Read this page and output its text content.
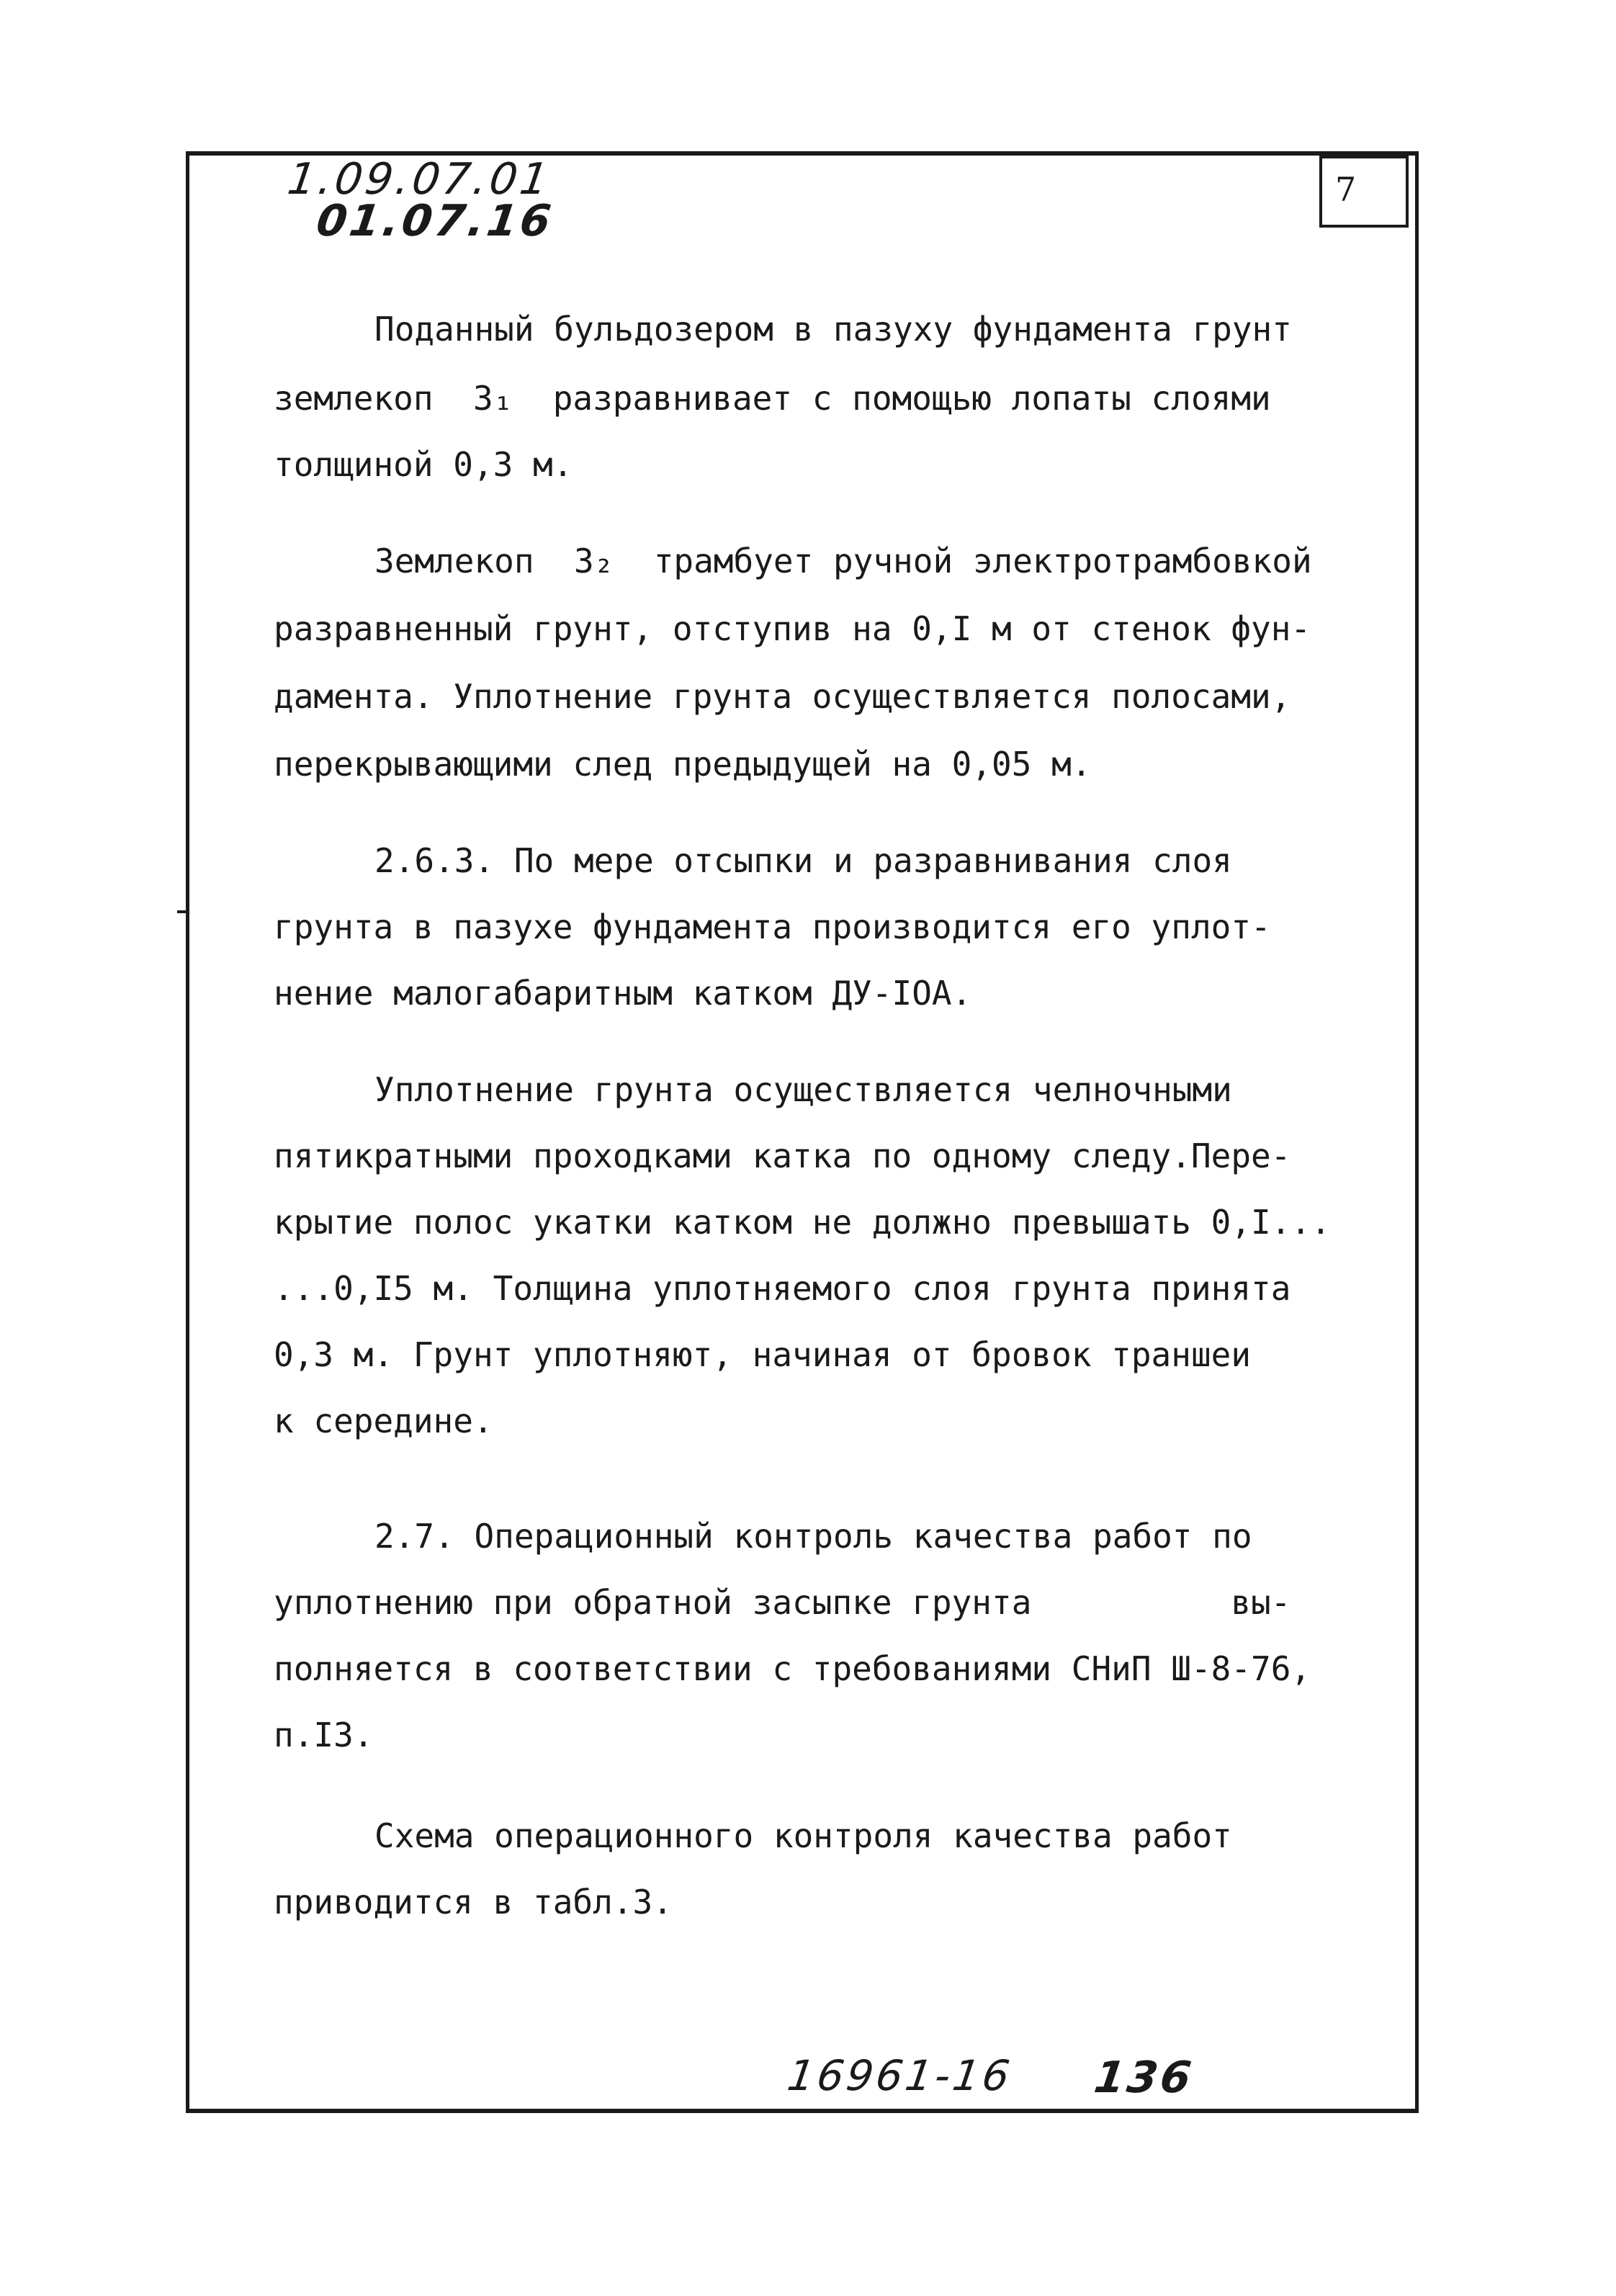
7
1.09.07.01
01.07.16
Поданный бульдозером в пазуху фундамента грунт
землекоп  3₁  разравнивает с помощью лопаты слоями
толщиной 0,3 м.
Землекоп  3₂  трамбует ручной электротрамбовкой
разравненный грунт, отступив на 0,I м от стенок фун-
дамента. Уплотнение грунта осуществляется полосами,
перекрывающими след предыдущей на 0,05 м.
2.6.3. По мере отсыпки и разравнивания слоя
грунта в пазухе фундамента производится его уплот-
нение малогабаритным катком ДУ-IOA.
Уплотнение грунта осуществляется челночными
пятикратными проходками катка по одному следу.Пере-
крытие полос укатки катком не должно превышать 0,I...
...0,I5 м. Толщина уплотняемого слоя грунта принята
0,3 м. Грунт уплотняют, начиная от бровок траншеи
к середине.
2.7. Операционный контроль качества работ по
уплотнению при обратной засыпке грунта          вы-
полняется в соответствии с требованиями СНиП Ш-8-76,
п.I3.
Схема операционного контроля качества работ
приводится в табл.3.
16961-16 136
